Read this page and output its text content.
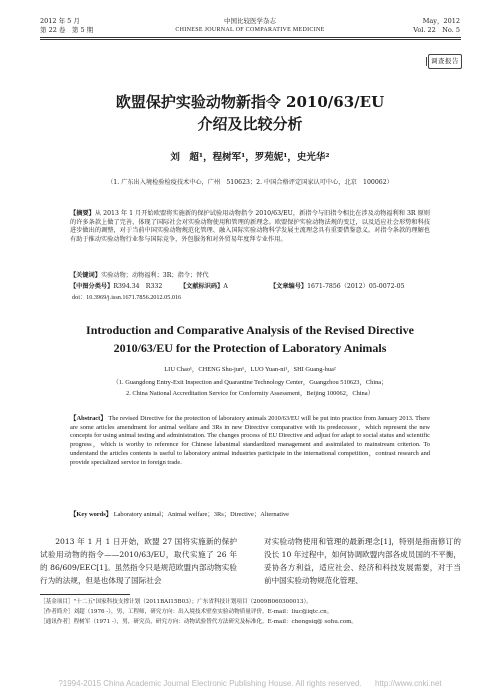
2012 年 5 月
第 22 卷　第 5 期
中国比较医学杂志
CHINESE JOURNAL OF COMPARATIVE MEDICINE
May，2012
Vol. 22　No. 5
调查报告
欧盟保护实验动物新指令 2010/63/EU
介绍及比较分析
刘　超¹，程树军¹，罗苑妮¹，史光华²
（1. 广东出入境检验检疫技术中心，广州　510623；2. 中国合格评定国家认可中心，北京　100062）
【摘要】从 2013 年 1 月开始欧盟将实施新的保护试验用动物指令 2010/63/EU，新指令与旧指令相比在涉及动物福利和 3R 原则的许多条款上做了完善，体现了国际社会对实验动物使用和管理的新理念。欧盟保护实验动物法规的变迁，以及适应社会形势和科技进步做出的调整，对于当前中国实验动物规范化管理、融入国际实验动物科学发展主流理念具有重要借鉴意义。对指令条款的理解也有助于推动实验动物行业参与国际竞争，外包服务和对外贸易年度拜专业作用。
【关键词】实验动物；动物福利；3R；指令；替代
【中图分类号】R394.34　R332	【文献标识码】A	【文章编号】1671-7856（2012）05-0072-05
doi：10.3969/j.issn.1671.7856.2012.05.016
Introduction and Comparative Analysis of the Revised Directive
2010/63/EU for the Protection of Laboratory Animals
LIU Chao¹，CHENG Shu-jun¹，LUO Yuan-ni¹，SHI Guang-hua²
（1. Guangdong Entry-Exit Inspection and Quarantine Technology Center，Guangzhou 510623，China；
2. China National Accreditation Service for Conformity Assessment，Beijing 100062，China）
【Abstract】 The revised Directive for the protection of laboratory animals 2010/63/EU will be put into practice from January 2013. There are some articles amendment for animal welfare and 3Rs in new Directive comparative with its predecessor，which represent the new concepts for using animal testing and administration. The changes process of EU Directive and adjust for adapt to social status and scientific progress，which is worthy to reference for Chinese labanimal standardized management and assimilated to mainstream criterion. To understand the articles contents is useful to laboratory animal industries participate in the international competition，contrast research and provide specialized service in foreign trade.
【Key words】 Laboratory animal；Animal welfare；3Rs；Directive；Alternative
2013 年 1 月 1 日开始，欧盟 27 国将实施新的保护试验用动物的指令——2010/63/EU，取代实施了 26 年的 86/609/EEC[1]。虽然指令只是规范欧盟内部动物实验行为的法规，但是也体现了国际社会
对实验动物使用和管理的最新理念[1]，特别是指南修订的没长 10 年过程中，如何协调欧盟内部各成员国的不平衡，妥协各方利益，适应社会、经济和科技发展需要，对于当前中国实验动物规范化管理、
［基金项目］"十二五"国家科技支撑计划（2011BAI15B03）；广东省科技计划项目（2009B060300013）。
［作者简介］刘超（1976 -），男，工程师，研究方向：出入境技术壁垒实验动物质量评价。E-mail：liuc@iqtc.cn。
［通讯作者］程树军（1971 -），男，研究员，研究方向：动物试验替代方法研究及标准化。E-mail：chengsiq@ sohu.com。
?1994-2015 China Academic Journal Electronic Publishing House. All rights reserved. http://www.cnki.net
